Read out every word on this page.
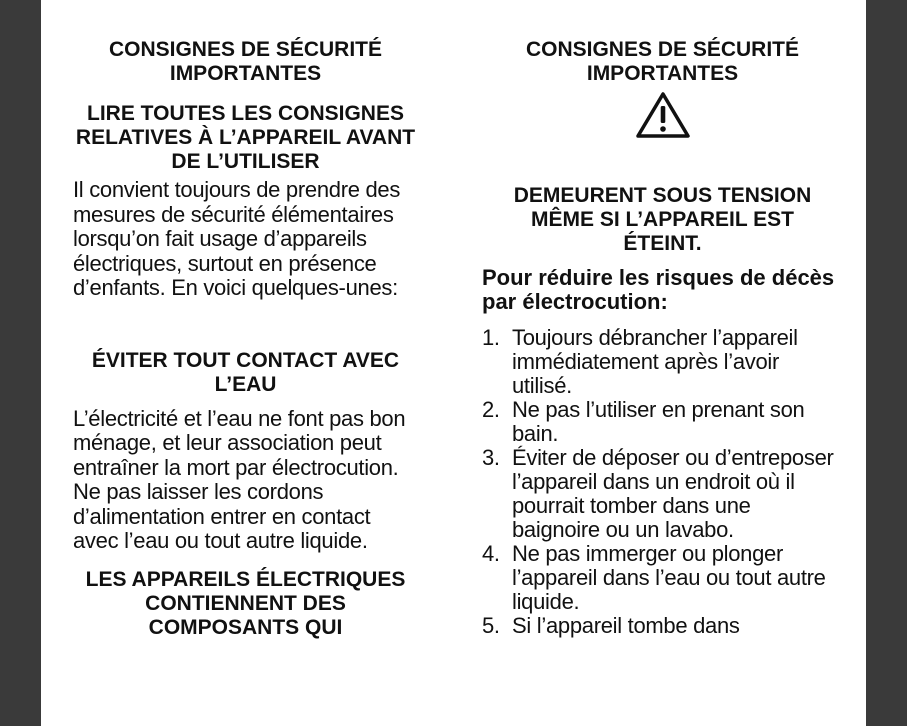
CONSIGNES DE SÉCURITÉ IMPORTANTES
LIRE TOUTES LES CONSIGNES RELATIVES À L’APPAREIL AVANT DE L’UTILISER

Il convient toujours de prendre des mesures de sécurité élémentaires lorsqu’on fait usage d’appareils électriques, surtout en présence d’enfants. En voici quelques-unes:

ÉVITER TOUT CONTACT AVEC L’EAU

L’électricité et l’eau ne font pas bon ménage, et leur association peut entraîner la mort par électrocution. Ne pas laisser les cordons d’alimentation entrer en contact avec l’eau ou tout autre liquide.

LES APPAREILS ÉLECTRIQUES CONTIENNENT DES COMPOSANTS QUI
CONSIGNES DE SÉCURITÉ IMPORTANTES
DEMEURENT SOUS TENSION MÊME SI L’APPAREIL EST ÉTEINT.

Pour réduire les risques de décès par électrocution:

1. Toujours débrancher l’appareil immédiatement après l’avoir utilisé.
2. Ne pas l’utiliser en prenant son bain.
3. Éviter de déposer ou d’entreposer l’appareil dans un endroit où il pourrait tomber dans une baignoire ou un lavabo.
4. Ne pas immerger ou plonger l’appareil dans l’eau ou tout autre liquide.
5. Si l’appareil tombe dans
